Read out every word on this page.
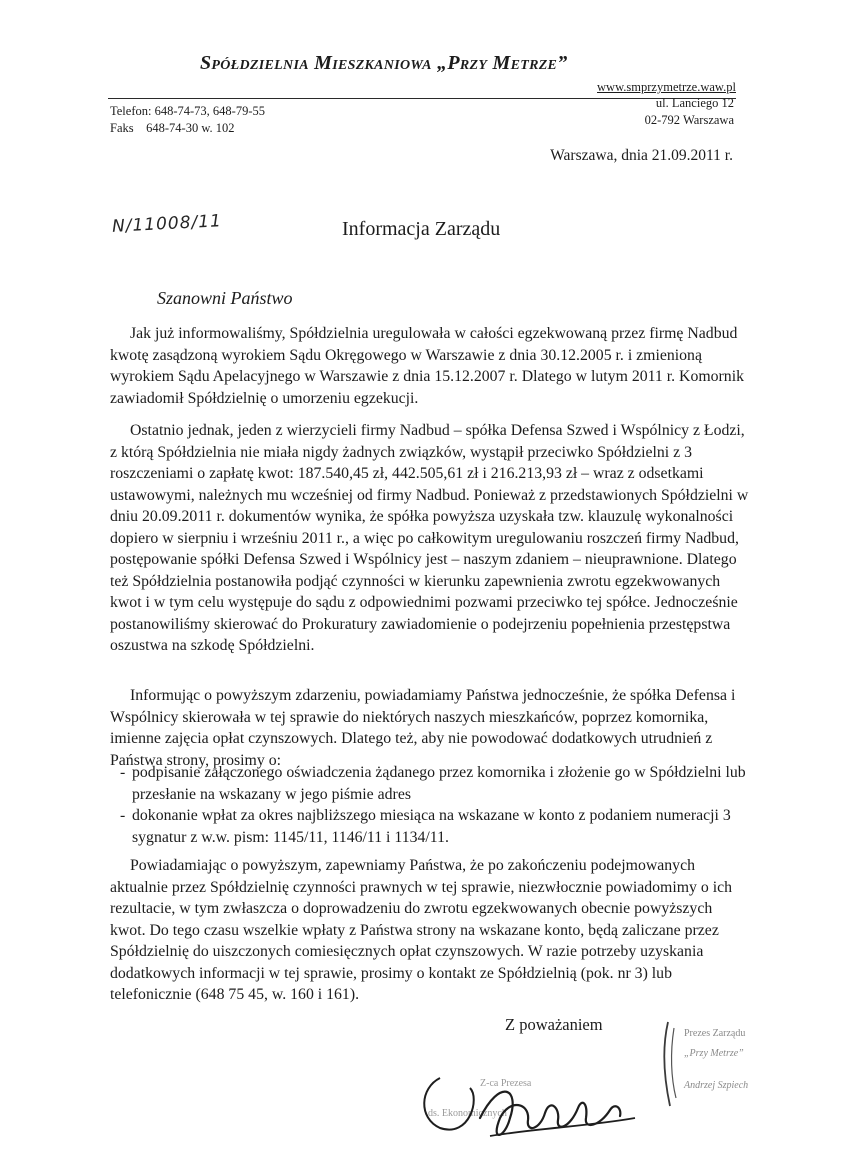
Spółdzielnia Mieszkaniowa „Przy Metrze”
www.smprzymetrze.waw.pl
Telefon: 648-74-73, 648-79-55
Faks    648-74-30 w. 102
ul. Lanciego 12
02-792 Warszawa
Warszawa, dnia 21.09.2011 r.
N/11008/11	Informacja Zarządu
Szanowni Państwo

Jak już informowaliśmy, Spółdzielnia uregulowała w całości egzekwowaną przez firmę Nadbud kwotę zasądzoną wyrokiem Sądu Okręgowego w Warszawie z dnia 30.12.2005 r. i zmienioną wyrokiem Sądu Apelacyjnego w Warszawie z dnia 15.12.2007 r. Dlatego w lutym 2011 r. Komornik zawiadomił Spółdzielnię o umorzeniu egzekucji.

Ostatnio jednak, jeden z wierzycieli firmy Nadbud – spółka Defensa Szwed i Wspólnicy z Łodzi, z którą Spółdzielnia nie miała nigdy żadnych związków, wystąpił przeciwko Spółdzielni z 3 roszczeniami o zapłatę kwot: 187.540,45 zł, 442.505,61 zł i 216.213,93 zł – wraz z odsetkami ustawowymi, należnych mu wcześniej od firmy Nadbud. Ponieważ z przedstawionych Spółdzielni w dniu 20.09.2011 r. dokumentów wynika, że spółka powyższa uzyskała tzw. klauzulę wykonalności dopiero w sierpniu i wrześniu 2011 r., a więc po całkowitym uregulowaniu roszczeń firmy Nadbud, postępowanie spółki Defensa Szwed i Wspólnicy jest – naszym zdaniem – nieuprawnione. Dlatego też Spółdzielnia postanowiła podjąć czynności w kierunku zapewnienia zwrotu egzekwowanych kwot i w tym celu występuje do sądu z odpowiednimi pozwami przeciwko tej spółce. Jednocześnie postanowiliśmy skierować do Prokuratury zawiadomienie o podejrzeniu popełnienia przestępstwa oszustwa na szkodę Spółdzielni.

Informując o powyższym zdarzeniu, powiadamiamy Państwa jednocześnie, że spółka Defensa i Wspólnicy skierowała w tej sprawie do niektórych naszych mieszkańców, poprzez komornika, imienne zajęcia opłat czynszowych. Dlatego też, aby nie powodować dodatkowych utrudnień z Państwa strony, prosimy o:

- podpisanie załączonego oświadczenia żądanego przez komornika i złożenie go w Spółdzielni lub przesłanie na wskazany w jego piśmie adres
- dokonanie wpłat za okres najbliższego miesiąca na wskazane w konto z podaniem numeracji 3 sygnatur z w.w. pism: 1145/11, 1146/11 i 1134/11.

Powiadamiając o powyższym, zapewniamy Państwa, że po zakończeniu podejmowanych aktualnie przez Spółdzielnię czynności prawnych w tej sprawie, niezwłocznie powiadomimy o ich rezultacie, w tym zwłaszcza o doprowadzeniu do zwrotu egzekwowanych obecnie powyższych kwot. Do tego czasu wszelkie wpłaty z Państwa strony na wskazane konto, będą zaliczane przez Spółdzielnię do uiszczonych comiesięcznych opłat czynszowych. W razie potrzeby uzyskania dodatkowych informacji w tej sprawie, prosimy o kontakt ze Spółdzielnią (pok. nr 3) lub telefonicznie (648 75 45, w. 160 i 161).

Z poważaniem	Prezes Zarządu
„Przy Metrze”
Andrzej Szpiech
Z-ca Prezesa
ds. Ekonomicznych
